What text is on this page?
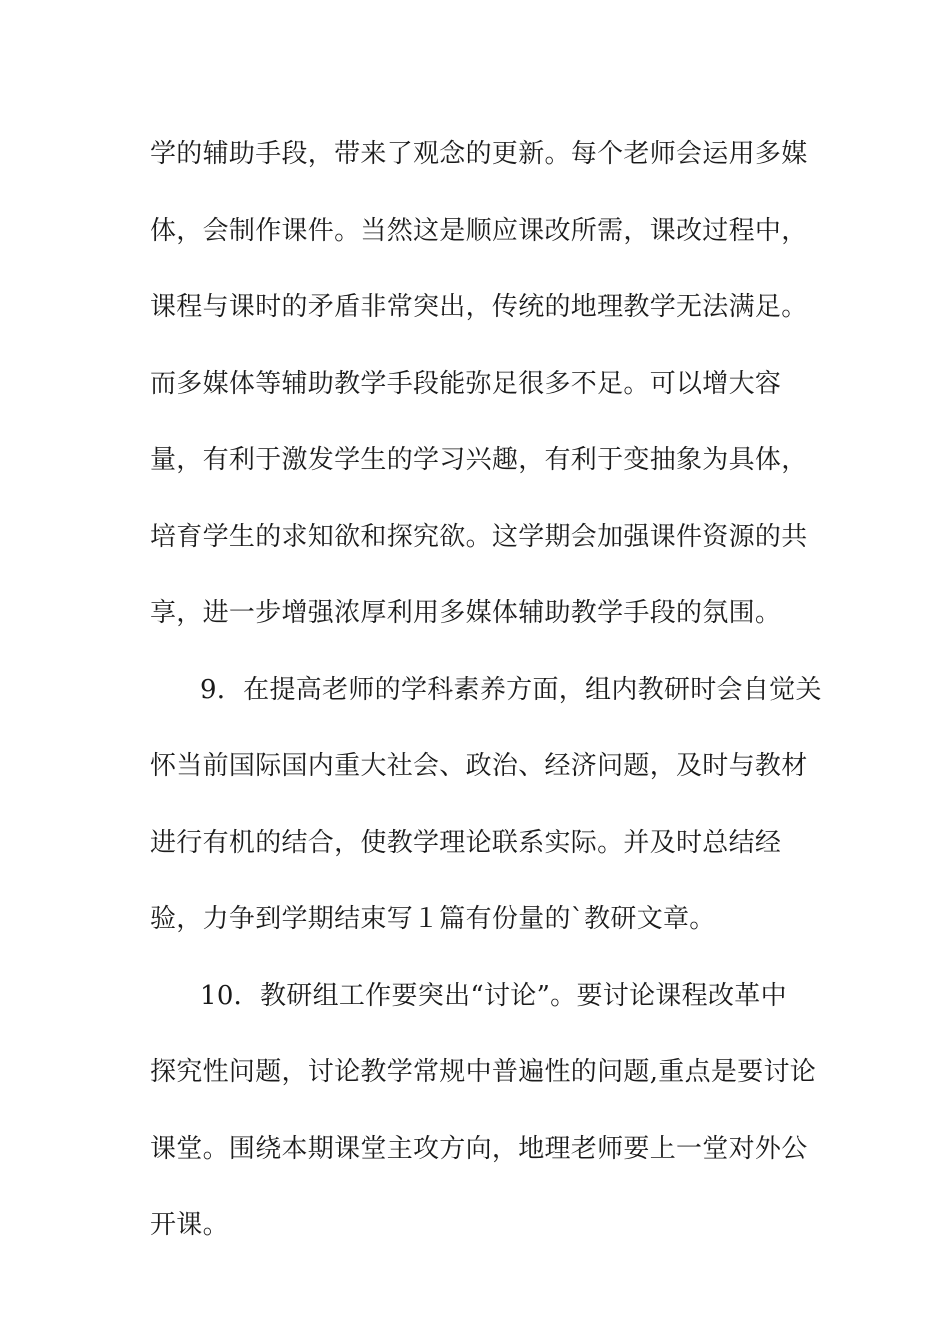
学的辅助手段，带来了观念的更新。每个老师会运用多媒
体，会制作课件。当然这是顺应课改所需，课改过程中，
课程与课时的矛盾非常突出，传统的地理教学无法满足。
而多媒体等辅助教学手段能弥足很多不足。可以增大容
量，有利于激发学生的学习兴趣，有利于变抽象为具体，
培育学生的求知欲和探究欲。这学期会加强课件资源的共
享，进一步增强浓厚利用多媒体辅助教学手段的氛围。
9．在提高老师的学科素养方面，组内教研时会自觉关
怀当前国际国内重大社会、政治、经济问题，及时与教材
进行有机的结合，使教学理论联系实际。并及时总结经
验，力争到学期结束写１篇有份量的`教研文章。
10．教研组工作要突出“讨论”。要讨论课程改革中
探究性问题，讨论教学常规中普遍性的问题,重点是要讨论
课堂。围绕本期课堂主攻方向，地理老师要上一堂对外公
开课。
